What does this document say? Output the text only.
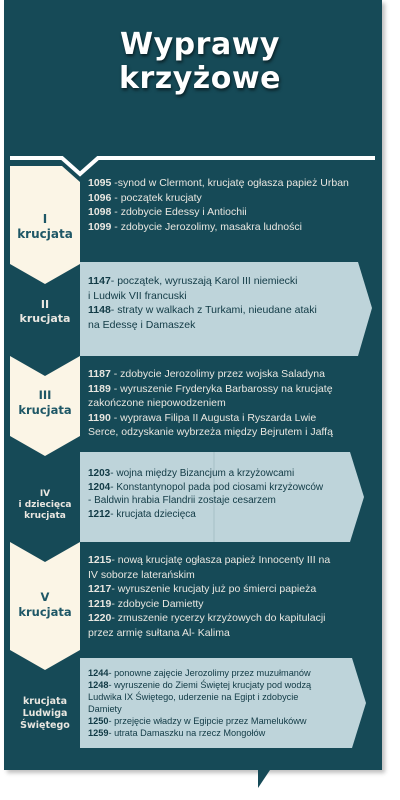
Wyprawy
krzyżowe
I
krucjata
II
krucjata
III
krucjata
IV
i dziecięca
krucjata
V
krucjata
krucjata
Ludwiga
Świętego
1095 -synod w Clermont, krucjatę ogłasza papież Urban
1096 - początek krucjaty
1098 - zdobycie Edessy i Antiochii
1099 - zdobycie Jerozolimy, masakra ludności
1147- początek, wyruszają Karol III niemiecki
i Ludwik VII francuski
1148- straty w walkach z Turkami, nieudane ataki
na Edessę i Damaszek
1187 - zdobycie Jerozolimy przez wojska Saladyna
1189 - wyruszenie Fryderyka Barbarossy na krucjatę
zakończone niepowodzeniem
1190 - wyprawa Filipa II Augusta i Ryszarda Lwie
Serce, odzyskanie wybrzeża między Bejrutem i Jaffą
1203- wojna między Bizancjum a krzyżowcami
1204- Konstantynopol pada pod ciosami krzyżowców
- Baldwin hrabia Flandrii zostaje cesarzem
1212- krucjata dziecięca
1215- nową krucjatę ogłasza papież Innocenty III na
IV soborze laterańskim
1217- wyruszenie krucjaty już po śmierci papieża
1219- zdobycie Damietty
1220- zmuszenie rycerzy krzyżowych do kapitulacji
przez armię sułtana Al- Kalima
1244- ponowne zajęcie Jerozolimy przez muzułmanów
1248- wyruszenie do Ziemi Świętej krucjaty pod wodzą
Ludwika IX Świętego, uderzenie na Egipt i zdobycie
Damiety
1250- przejęcie władzy w Egipcie przez Mamelukóww
1259- utrata Damaszku na rzecz Mongołów
